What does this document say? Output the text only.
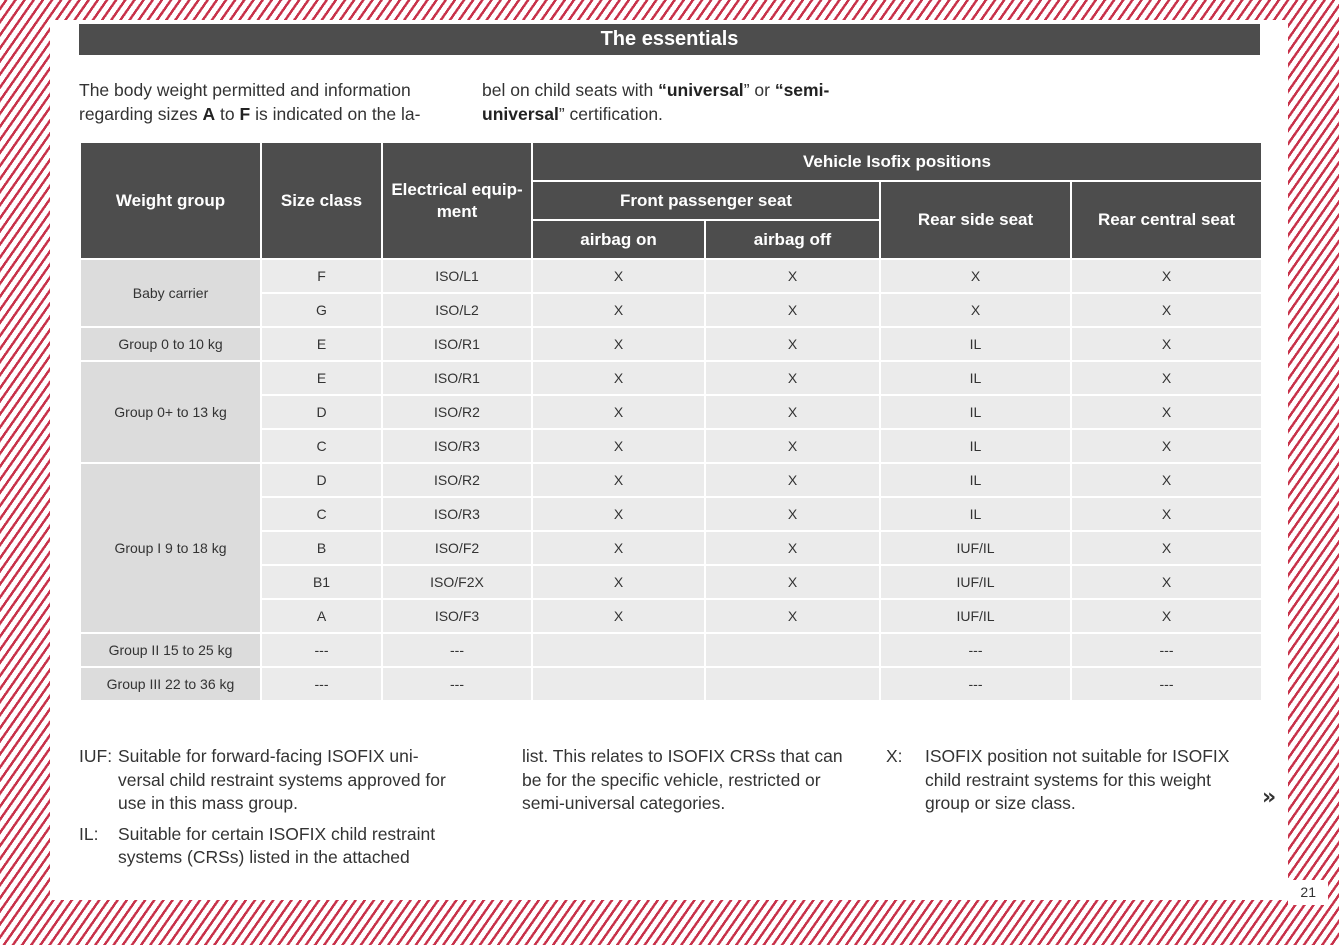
21
The essentials
The body weight permitted and information regarding sizes A to F is indicated on the la-
bel on child seats with “universal” or “semi-universal” certification.
Weight group	Size class	Electrical equip-ment	Vehicle Isofix positions			
			Front passenger seat		Rear side seat	Rear central seat
			airbag on	airbag off		
Baby carrier	F	ISO/L1	X	X	X	X
	G	ISO/L2	X	X	X	X
Group 0 to 10 kg	E	ISO/R1	X	X	IL	X
Group 0+ to 13 kg	E	ISO/R1	X	X	IL	X
	D	ISO/R2	X	X	IL	X
	C	ISO/R3	X	X	IL	X
Group I 9 to 18 kg	D	ISO/R2	X	X	IL	X
	C	ISO/R3	X	X	IL	X
	B	ISO/F2	X	X	IUF/IL	X
	B1	ISO/F2X	X	X	IUF/IL	X
	A	ISO/F3	X	X	IUF/IL	X
Group II 15 to 25 kg	---	---			---	---
Group III 22 to 36 kg	---	---			---	---
IUF: Suitable for forward-facing ISOFIX uni-versal child restraint systems approved for use in this mass group.
IL: Suitable for certain ISOFIX child restraint systems (CRSs) listed in the attached
list. This relates to ISOFIX CRSs that can be for the specific vehicle, restricted or semi-universal categories.
X: ISOFIX position not suitable for ISOFIX child restraint systems for this weight group or size class.	»
